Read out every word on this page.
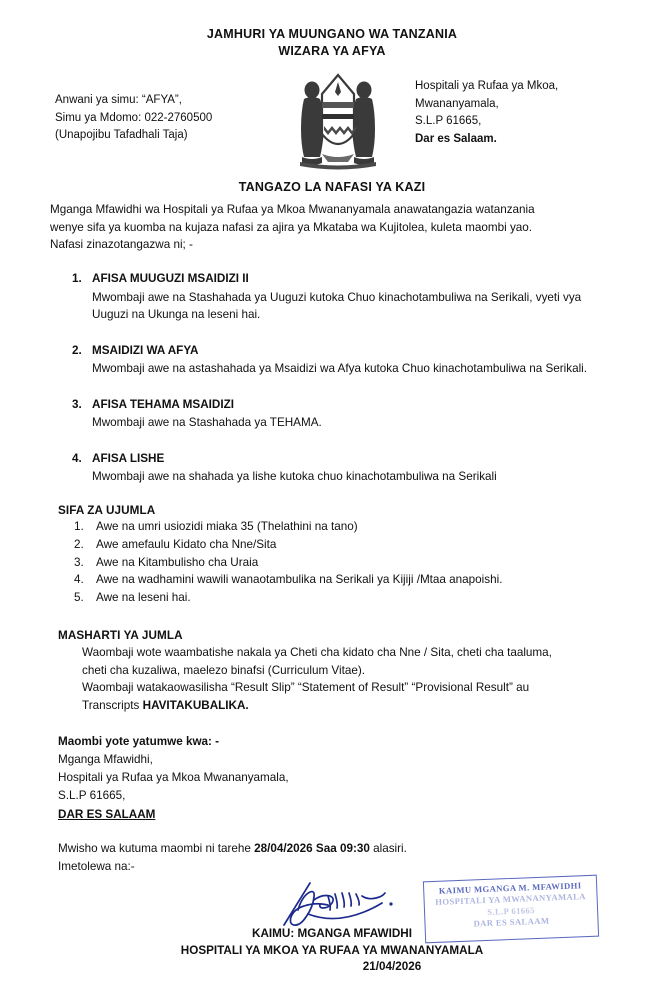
JAMHURI YA MUUNGANO WA TANZANIA
WIZARA YA AFYA
Anwani ya simu: “AFYA”,
Simu ya Mdomo: 022-2760500
(Unapojibu Tafadhali Taja)
Hospitali ya Rufaa ya Mkoa,
Mwananyamala,
S.L.P 61665,
Dar es Salaam.
TANGAZO LA NAFASI YA KAZI
Mganga Mfawidhi wa Hospitali ya Rufaa ya Mkoa Mwananyamala anawatangazia watanzania
wenye sifa ya kuomba na kujaza nafasi za ajira ya Mkataba wa Kujitolea, kuleta maombi yao.
Nafasi zinazotangazwa ni; -
1. AFISA MUUGUZI MSAIDIZI II
Mwombaji awe na Stashahada ya Uuguzi kutoka Chuo kinachotambuliwa na Serikali, vyeti vya Uuguzi na Ukunga na leseni hai.
2. MSAIDIZI WA AFYA
Mwombaji awe na astashahada ya Msaidizi wa Afya kutoka Chuo kinachotambuliwa na Serikali.
3. AFISA TEHAMA MSAIDIZI
Mwombaji awe na Stashahada ya TEHAMA.
4. AFISA LISHE
Mwombaji awe na shahada ya lishe kutoka chuo kinachotambuliwa na Serikali
SIFA ZA UJUMLA
1. Awe na umri usiozidi miaka 35 (Thelathini na tano)
2. Awe amefaulu Kidato cha Nne/Sita
3. Awe na Kitambulisho cha Uraia
4. Awe na wadhamini wawili wanaotambulika na Serikali ya Kijiji /Mtaa anapoishi.
5. Awe na leseni hai.
MASHARTI YA JUMLA
Waombaji wote waambatishe nakala ya Cheti cha kidato cha Nne / Sita, cheti cha taaluma, cheti cha kuzaliwa, maelezo binafsi (Curriculum Vitae).
Waombaji watakaowasilisha “Result Slip” “Statement of Result” “Provisional Result” au Transcripts HAVITAKUBALIKA.
Maombi yote yatumwe kwa: -
Mganga Mfawidhi,
Hospitali ya Rufaa ya Mkoa Mwananyamala,
S.L.P 61665,
DAR ES SALAAM
Mwisho wa kutuma maombi ni tarehe 28/04/2026 Saa 09:30 alasiri.
Imetolewa na:-
KAIMU MGANGA M. MFAWIDHI
HOSPITALI YA MWANANYAMALA
S.L.P 61665
DAR ES SALAAM
KAIMU: MGANGA MFAWIDHI
HOSPITALI YA MKOA YA RUFAA YA MWANANYAMALA
21/04/2026
